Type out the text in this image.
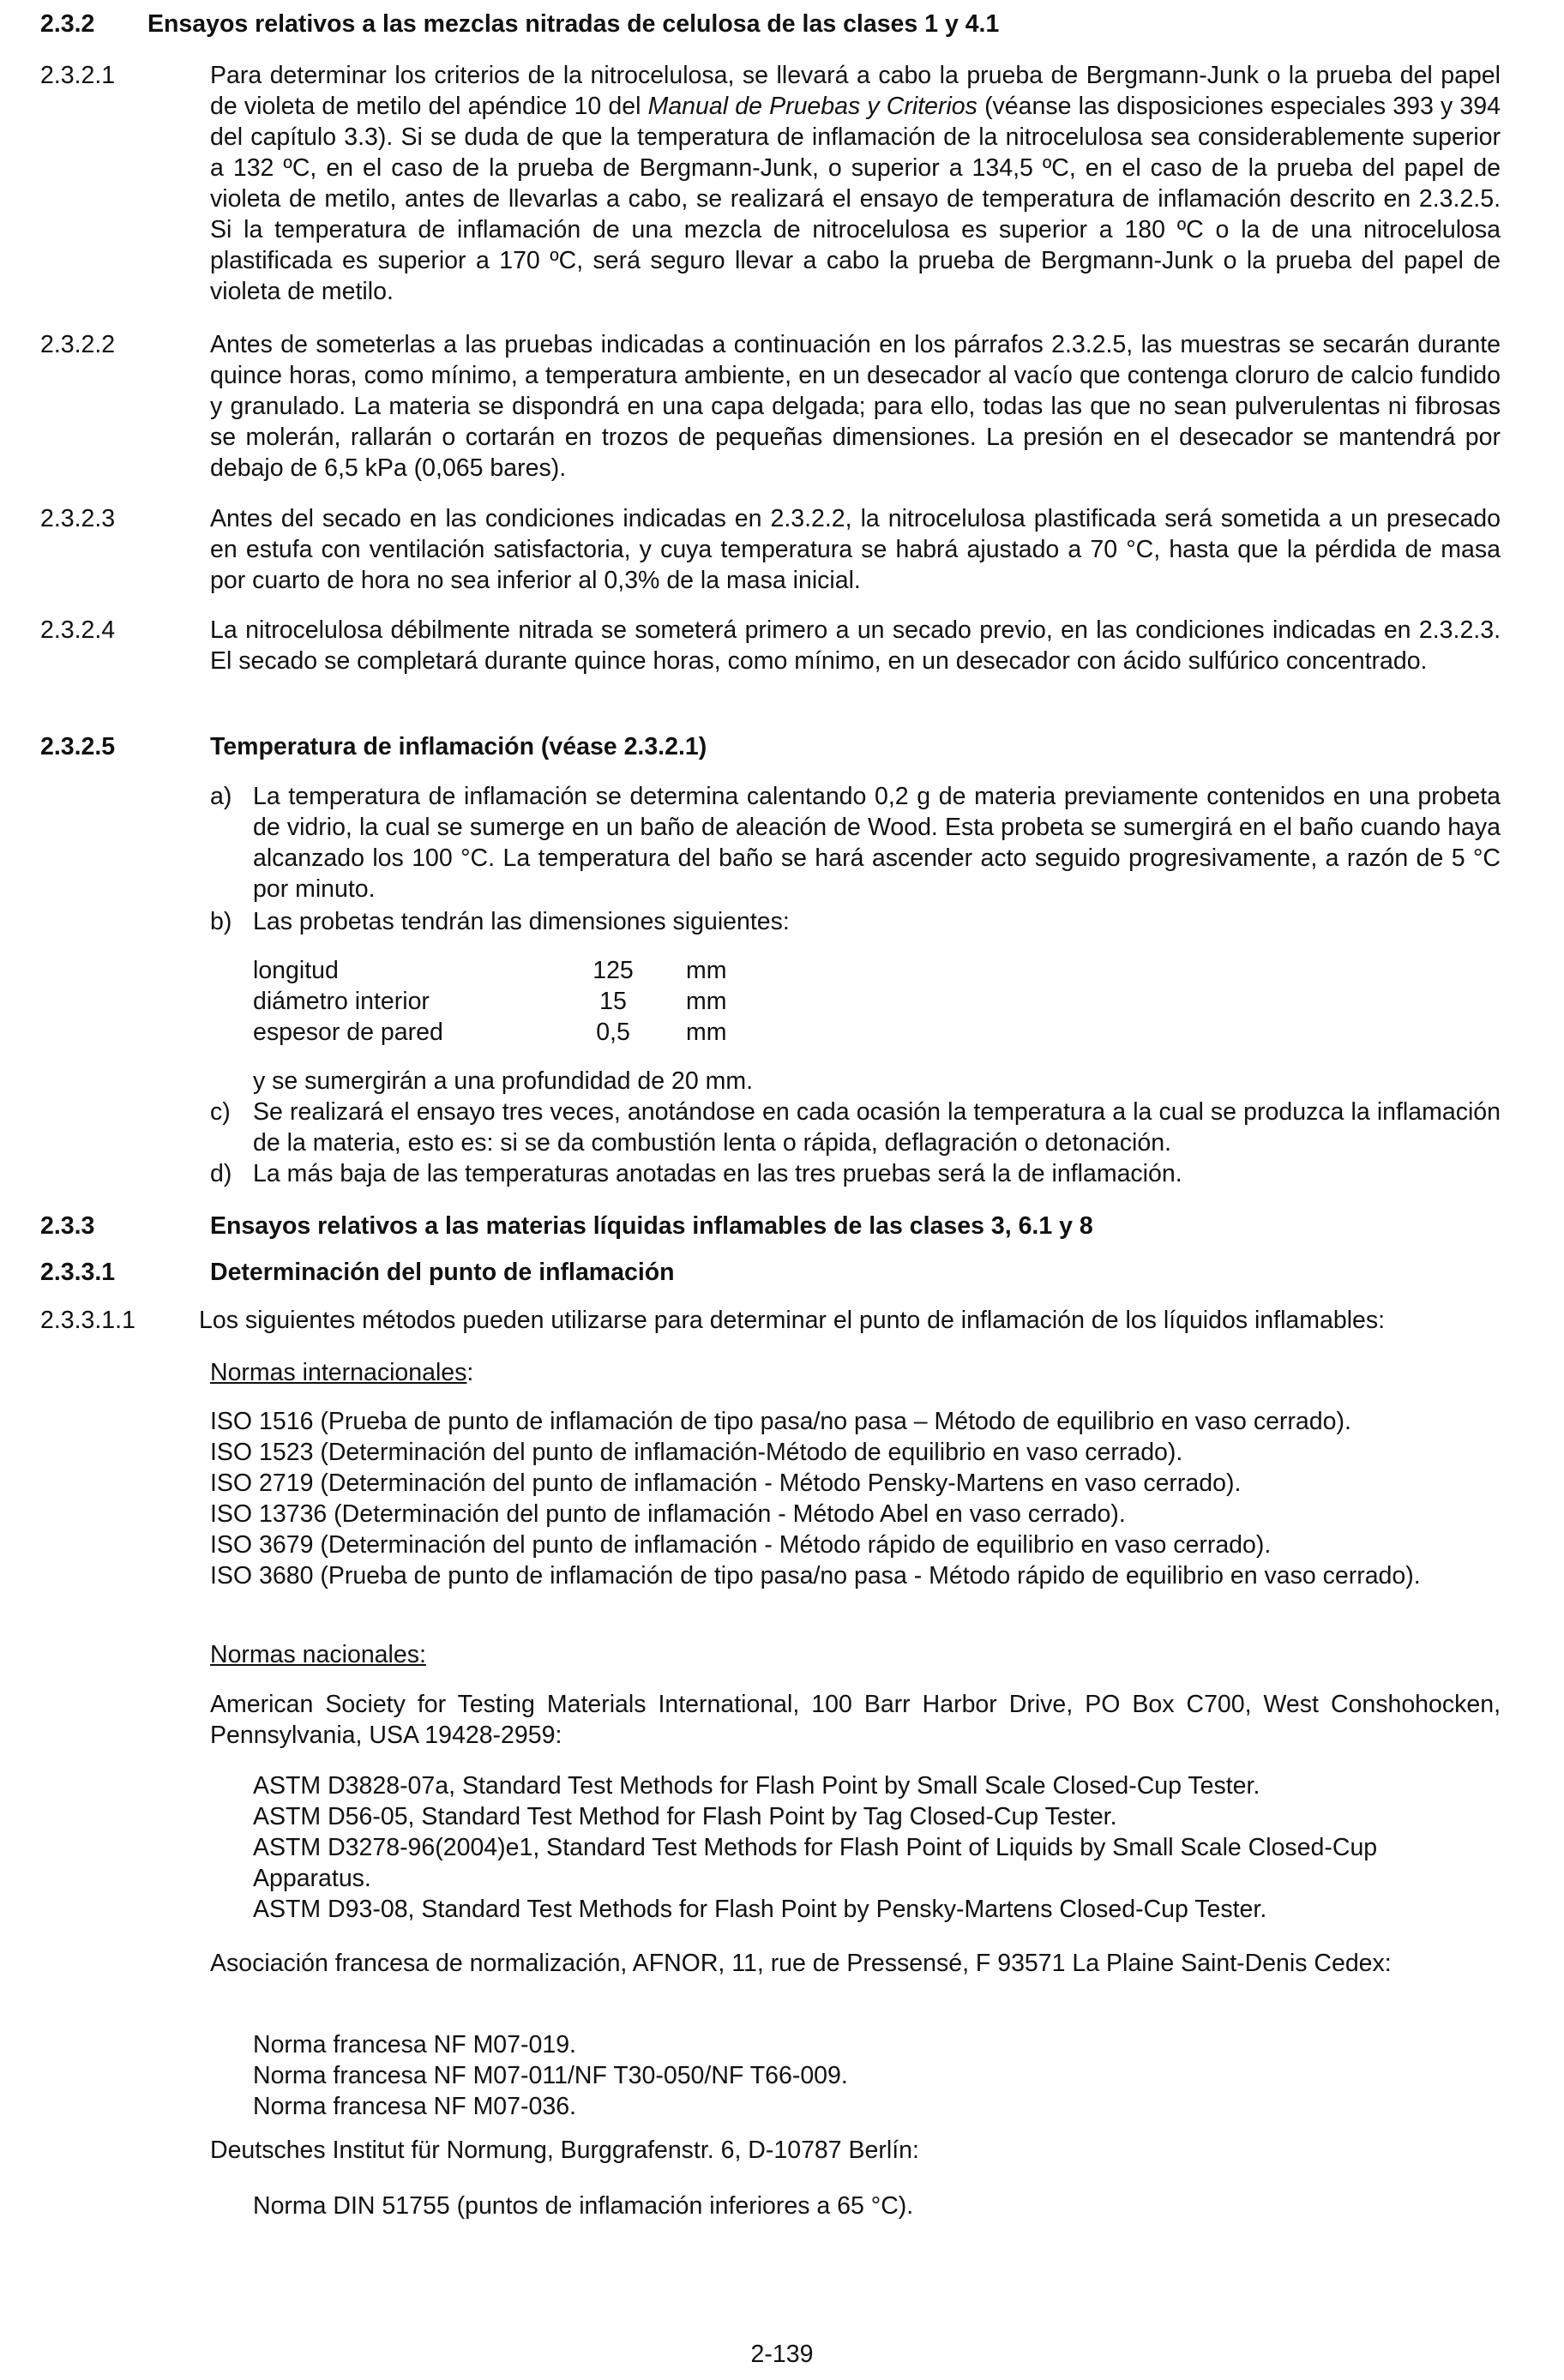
2.3.2 Ensayos relativos a las mezclas nitradas de celulosa de las clases 1 y 4.1
2.3.2.1	Para determinar los criterios de la nitrocelulosa, se llevará a cabo la prueba de Bergmann-Junk o la prueba del papel de violeta de metilo del apéndice 10 del Manual de Pruebas y Criterios (véanse las disposiciones especiales 393 y 394 del capítulo 3.3). Si se duda de que la temperatura de inflamación de la nitrocelulosa sea considerablemente superior a 132 ºC, en el caso de la prueba de Bergmann-Junk, o superior a 134,5 ºC, en el caso de la prueba del papel de violeta de metilo, antes de llevarlas a cabo, se realizará el ensayo de temperatura de inflamación descrito en 2.3.2.5. Si la temperatura de inflamación de una mezcla de nitrocelulosa es superior a 180 ºC o la de una nitrocelulosa plastificada es superior a 170 ºC, será seguro llevar a cabo la prueba de Bergmann-Junk o la prueba del papel de violeta de metilo.

2.3.2.2	Antes de someterlas a las pruebas indicadas a continuación en los párrafos 2.3.2.5, las muestras se secarán durante quince horas, como mínimo, a temperatura ambiente, en un desecador al vacío que contenga cloruro de calcio fundido y granulado. La materia se dispondrá en una capa delgada; para ello, todas las que no sean pulverulentas ni fibrosas se molerán, rallarán o cortarán en trozos de pequeñas dimensiones. La presión en el desecador se mantendrá por debajo de 6,5 kPa (0,065 bares).

2.3.2.3	Antes del secado en las condiciones indicadas en 2.3.2.2, la nitrocelulosa plastificada será sometida a un presecado en estufa con ventilación satisfactoria, y cuya temperatura se habrá ajustado a 70 °C, hasta que la pérdida de masa por cuarto de hora no sea inferior al 0,3% de la masa inicial.

2.3.2.4	La nitrocelulosa débilmente nitrada se someterá primero a un secado previo, en las condiciones indicadas en 2.3.2.3. El secado se completará durante quince horas, como mínimo, en un desecador con ácido sulfúrico concentrado.

2.3.2.5	Temperatura de inflamación (véase 2.3.2.1)
a) La temperatura de inflamación se determina calentando 0,2 g de materia previamente contenidos en una probeta de vidrio, la cual se sumerge en un baño de aleación de Wood. Esta probeta se sumergirá en el baño cuando haya alcanzado los 100 °C. La temperatura del baño se hará ascender acto seguido progresivamente, a razón de 5 °C por minuto.

b) Las probetas tendrán las dimensiones siguientes:

longitud	125	mm
diámetro interior	15	mm
espesor de pared	0,5	mm
y se sumergirán a una profundidad de 20 mm.
c) Se realizará el ensayo tres veces, anotándose en cada ocasión la temperatura a la cual se produzca la inflamación de la materia, esto es: si se da combustión lenta o rápida, deflagración o detonación.

d) La más baja de las temperaturas anotadas en las tres pruebas será la de inflamación.

2.3.3	Ensayos relativos a las materias líquidas inflamables de las clases 3, 6.1 y 8
2.3.3.1	Determinación del punto de inflamación
2.3.3.1.1	Los siguientes métodos pueden utilizarse para determinar el punto de inflamación de los líquidos inflamables:
Normas internacionales:

ISO 1516 (Prueba de punto de inflamación de tipo pasa/no pasa – Método de equilibrio en vaso cerrado).

ISO 1523 (Determinación del punto de inflamación-Método de equilibrio en vaso cerrado).

ISO 2719 (Determinación del punto de inflamación - Método Pensky-Martens en vaso cerrado).

ISO 13736 (Determinación del punto de inflamación - Método Abel en vaso cerrado).

ISO 3679 (Determinación del punto de inflamación - Método rápido de equilibrio en vaso cerrado).

ISO 3680 (Prueba de punto de inflamación de tipo pasa/no pasa - Método rápido de equilibrio en vaso cerrado).

Normas nacionales:

American Society for Testing Materials International, 100 Barr Harbor Drive, PO Box C700, West Conshohocken, Pennsylvania, USA 19428-2959:

ASTM D3828-07a, Standard Test Methods for Flash Point by Small Scale Closed-Cup Tester.

ASTM D56-05, Standard Test Method for Flash Point by Tag Closed-Cup Tester.

ASTM D3278-96(2004)e1, Standard Test Methods for Flash Point of Liquids by Small Scale Closed-Cup Apparatus.

ASTM D93-08, Standard Test Methods for Flash Point by Pensky-Martens Closed-Cup Tester.

Asociación francesa de normalización, AFNOR, 11, rue de Pressensé, F 93571 La Plaine Saint-Denis Cedex:

Norma francesa NF M07-019.

Norma francesa NF M07-011/NF T30-050/NF T66-009.

Norma francesa NF M07-036.

Deutsches Institut für Normung, Burggrafenstr. 6, D-10787 Berlín:

Norma DIN 51755 (puntos de inflamación inferiores a 65 °C).

2-139
